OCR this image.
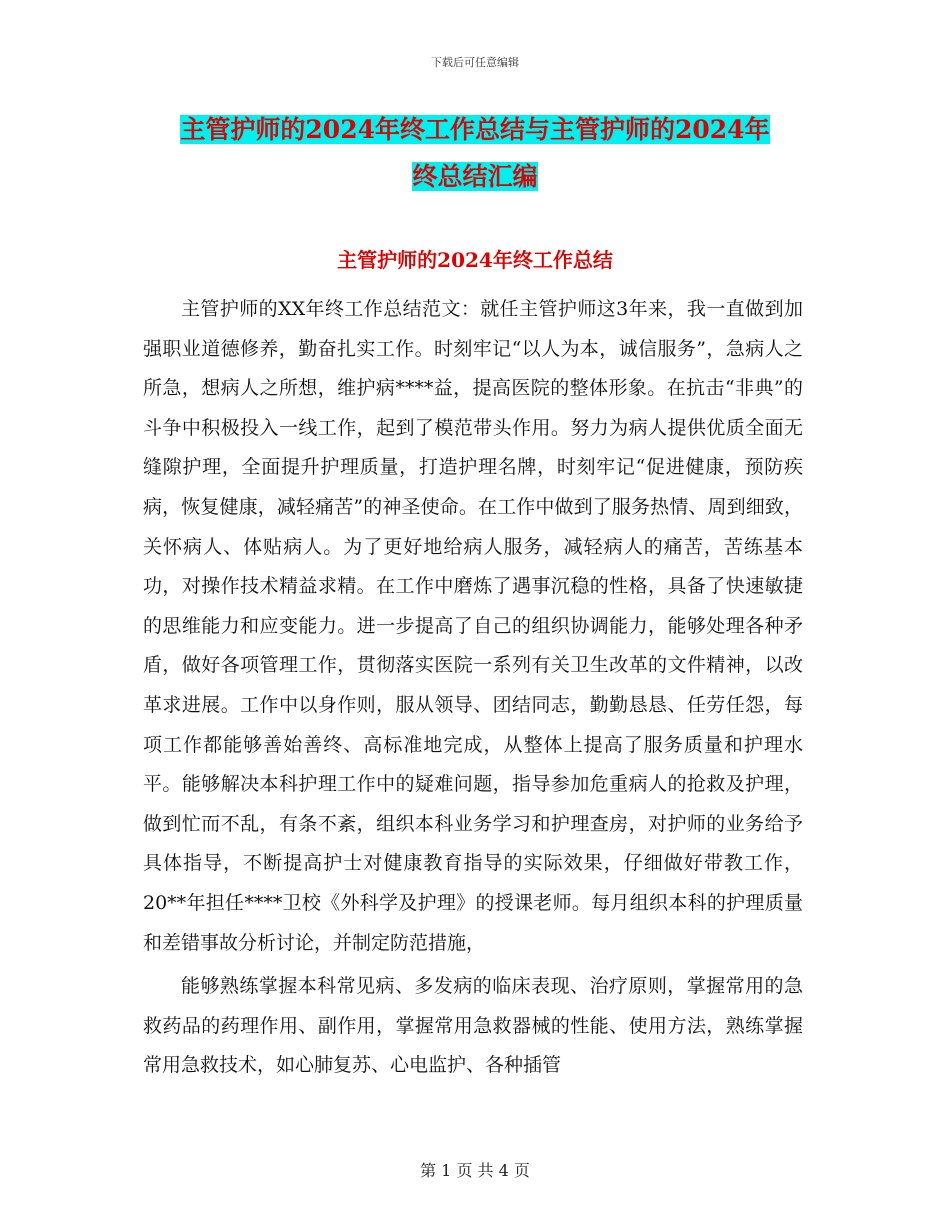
下载后可任意编辑
主管护师的2024年终工作总结与主管护师的2024年
终总结汇编
主管护师的2024年终工作总结

主管护师的XX年终工作总结范文：就任主管护师这3年来，我一直做到加强职业道德修养，勤奋扎实工作。时刻牢记“以人为本，诚信服务”，急病人之所急，想病人之所想，维护病****益，提高医院的整体形象。在抗击“非典”的斗争中积极投入一线工作，起到了模范带头作用。努力为病人提供优质全面无缝隙护理，全面提升护理质量，打造护理名牌，时刻牢记“促进健康，预防疾病，恢复健康，减轻痛苦”的神圣使命。在工作中做到了服务热情、周到细致，关怀病人、体贴病人。为了更好地给病人服务，减轻病人的痛苦，苦练基本功，对操作技术精益求精。在工作中磨炼了遇事沉稳的性格，具备了快速敏捷的思维能力和应变能力。进一步提高了自己的组织协调能力，能够处理各种矛盾，做好各项管理工作，贯彻落实医院一系列有关卫生改革的文件精神，以改革求进展。工作中以身作则，服从领导、团结同志，勤勤恳恳、任劳任怨，每项工作都能够善始善终、高标准地完成，从整体上提高了服务质量和护理水平。能够解决本科护理工作中的疑难问题，指导参加危重病人的抢救及护理，做到忙而不乱，有条不紊，组织本科业务学习和护理查房，对护师的业务给予具体指导，不断提高护士对健康教育指导的实际效果，仔细做好带教工作，20**年担任****卫校《外科学及护理》的授课老师。每月组织本科的护理质量和差错事故分析讨论，并制定防范措施，

能够熟练掌握本科常见病、多发病的临床表现、治疗原则，掌握常用的急救药品的药理作用、副作用，掌握常用急救器械的性能、使用方法，熟练掌握常用急救技术，如心肺复苏、心电监护、各种插管

第 1 页 共 4 页
